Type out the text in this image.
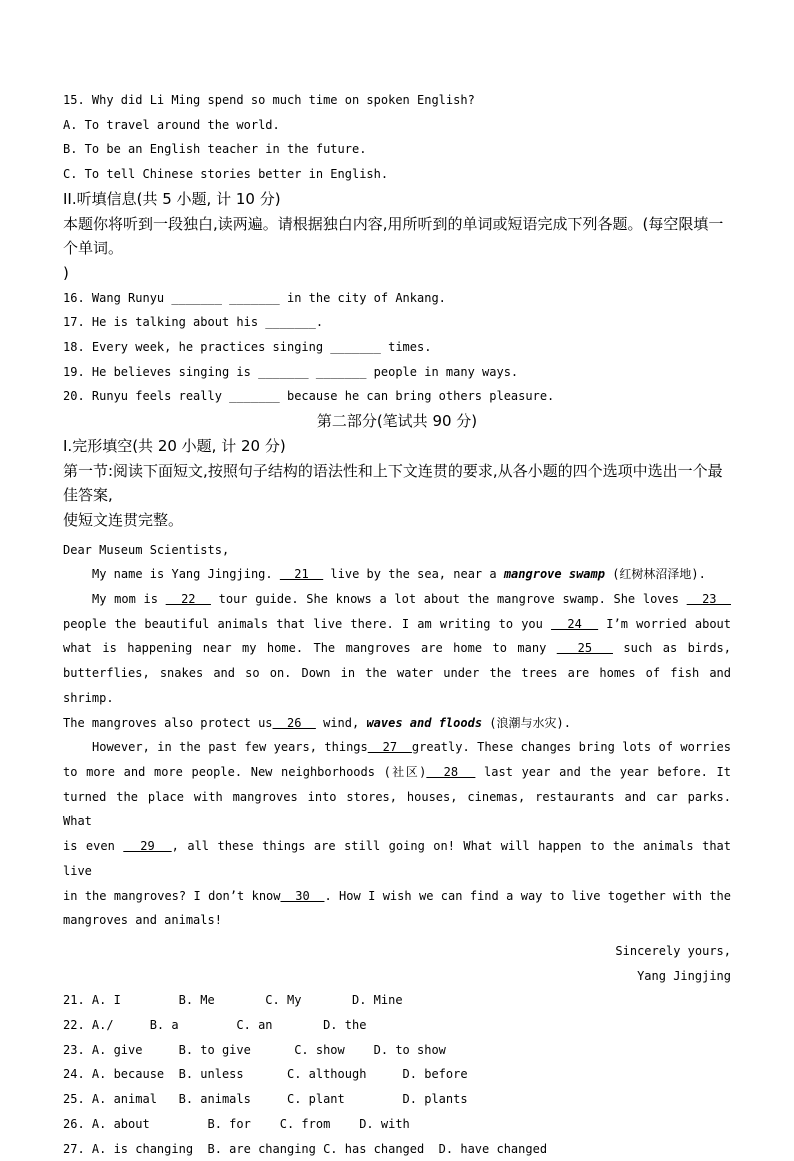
15. Why did Li Ming spend so much time on spoken English?
A. To travel around the world.
B. To be an English teacher in the future.
C. To tell Chinese stories better in English.
II.听填信息(共 5 小题, 计 10 分)
本题你将听到一段独白,读两遍。请根据独白内容,用所听到的单词或短语完成下列各题。(每空限填一个单词。
)
16. Wang Runyu _______ _______ in the city of Ankang.
17. He is talking about his _______.
18. Every week, he practices singing _______ times.
19. He believes singing is _______ _______ people in many ways.
20. Runyu feels really _______ because he can bring others pleasure.
第二部分(笔试共 90 分)
I.完形填空(共 20 小题, 计 20 分)
第一节:阅读下面短文,按照句子结构的语法性和上下文连贯的要求,从各小题的四个选项中选出一个最佳答案,
使短文连贯完整。
Dear Museum Scientists,
My name is Yang Jingjing.   21   live by the sea, near a mangrove swamp (红树林沼泽地).
My mom is   22   tour guide. She knows a lot about the mangrove swamp. She loves   23
people the beautiful animals that live there. I am writing to you   24   I’m worried about
what is happening near my home. The mangroves are home to many   25   such as birds,
butterflies, snakes and so on. Down in the water under the trees are homes of fish and shrimp.
The mangroves also protect us  26   wind, waves and floods (浪潮与水灾).
However, in the past few years, things  27  greatly. These changes bring lots of worries
to more and more people. New neighborhoods (社区)  28   last year and the year before. It
turned the place with mangroves into stores, houses, cinemas, restaurants and car parks. What
is even   29  , all these things are still going on! What will happen to the animals that live
in the mangroves? I don’t know  30  . How I wish we can find a way to live together with the
mangroves and animals!
Sincerely yours,
Yang Jingjing
21. A. I        B. Me       C. My       D. Mine
22. A./     B. a        C. an       D. the
23. A. give     B. to give      C. show    D. to show
24. A. because  B. unless      C. although     D. before
25. A. animal   B. animals     C. plant        D. plants
26. A. about        B. for    C. from    D. with
27. A. is changing  B. are changing C. has changed  D. have changed
